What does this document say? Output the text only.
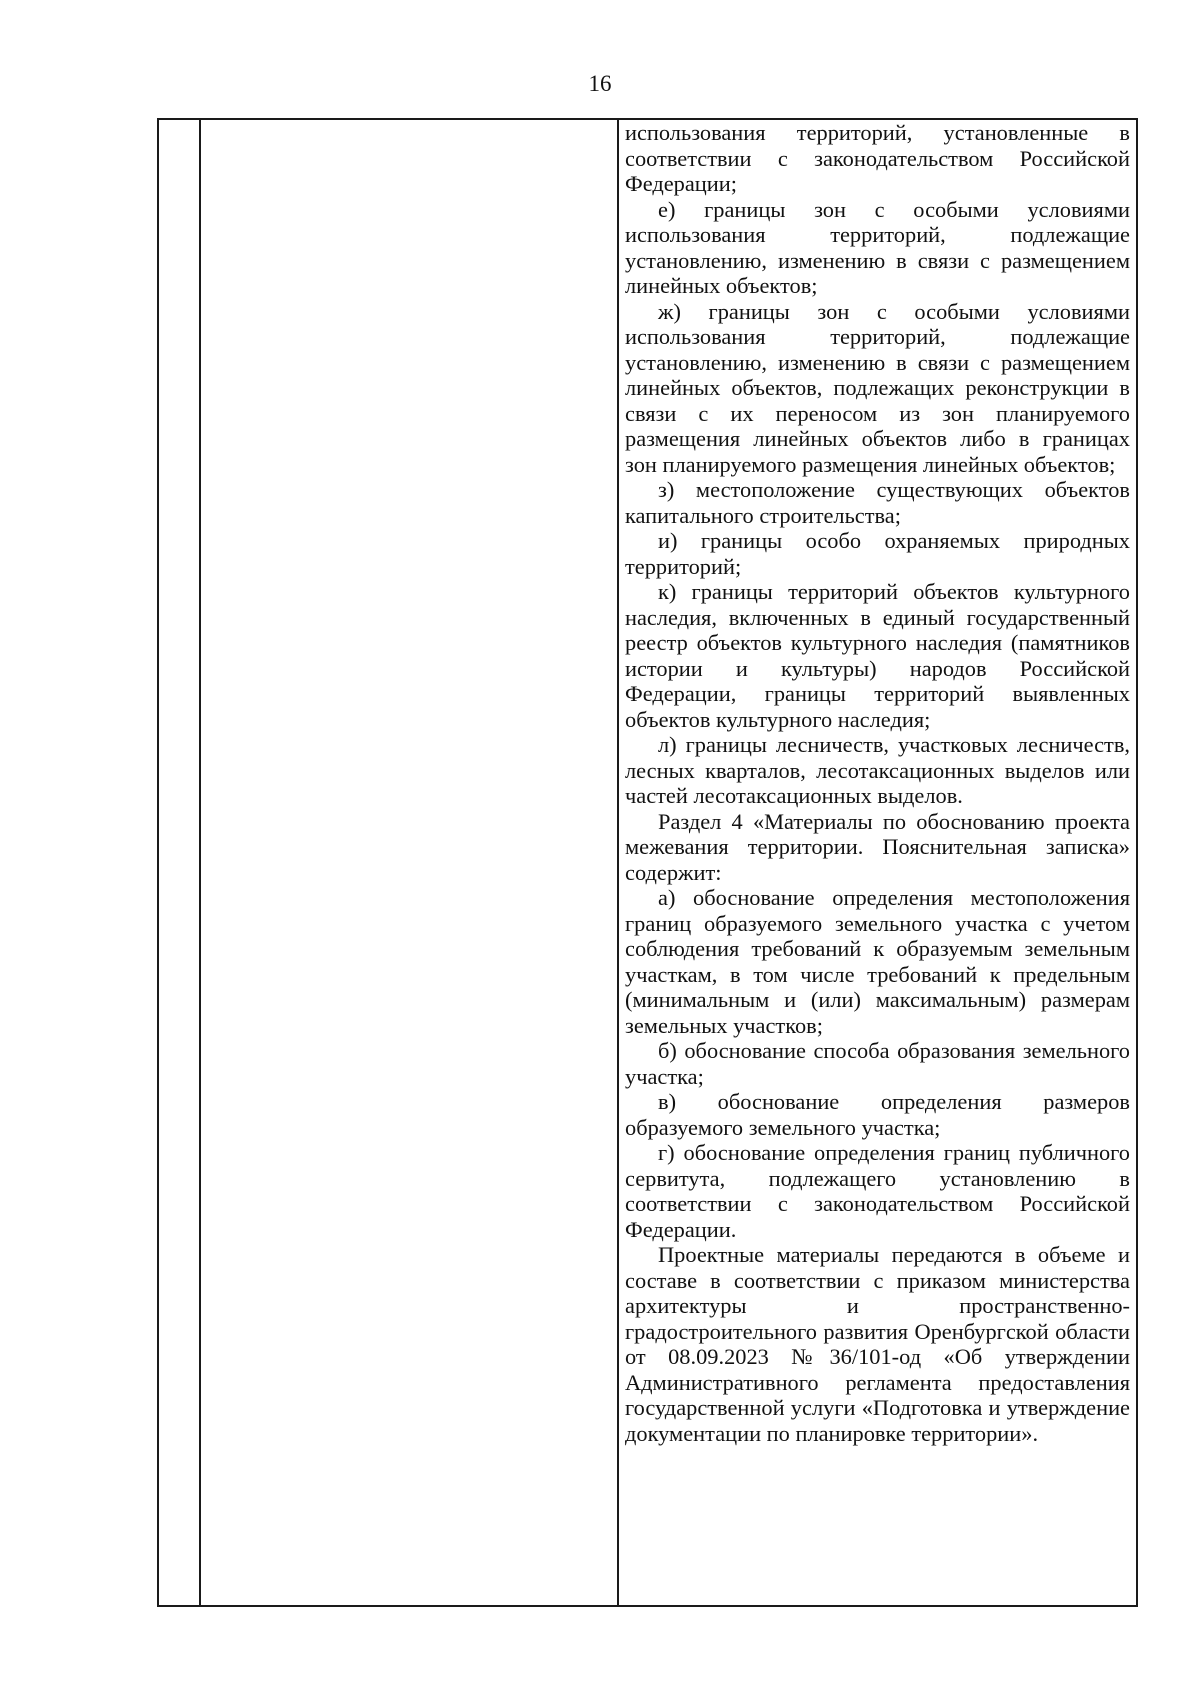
16

использования территорий, установленные в соответствии с законодательством Российской Федерации;

е) границы зон с особыми условиями использования территорий, подлежащие установлению, изменению в связи с размещением линейных объектов;

ж) границы зон с особыми условиями использования территорий, подлежащие установлению, изменению в связи с размещением линейных объектов, подлежащих реконструкции в связи с их переносом из зон планируемого размещения линейных объектов либо в границах зон планируемого размещения линейных объектов;

з) местоположение существующих объектов капитального строительства;

и) границы особо охраняемых природных территорий;

к) границы территорий объектов культурного наследия, включенных в единый государственный реестр объектов культурного наследия (памятников истории и культуры) народов Российской Федерации, границы территорий выявленных объектов культурного наследия;

л) границы лесничеств, участковых лесничеств, лесных кварталов, лесотаксационных выделов или частей лесотаксационных выделов.

Раздел 4 «Материалы по обоснованию проекта межевания территории. Пояснительная записка» содержит:

а) обоснование определения местоположения границ образуемого земельного участка с учетом соблюдения требований к образуемым земельным участкам, в том числе требований к предельным (минимальным и (или) максимальным) размерам земельных участков;

б) обоснование способа образования земельного участка;

в) обоснование определения размеров образуемого земельного участка;

г) обоснование определения границ публичного сервитута, подлежащего установлению в соответствии с законодательством Российской Федерации.

Проектные материалы передаются в объеме и составе в соответствии с приказом министерства архитектуры и пространственно-градостроительного развития Оренбургской области от 08.09.2023 №36/101-од «Об утверждении Административного регламента предоставления государственной услуги «Подготовка и утверждение документации по планировке территории».
